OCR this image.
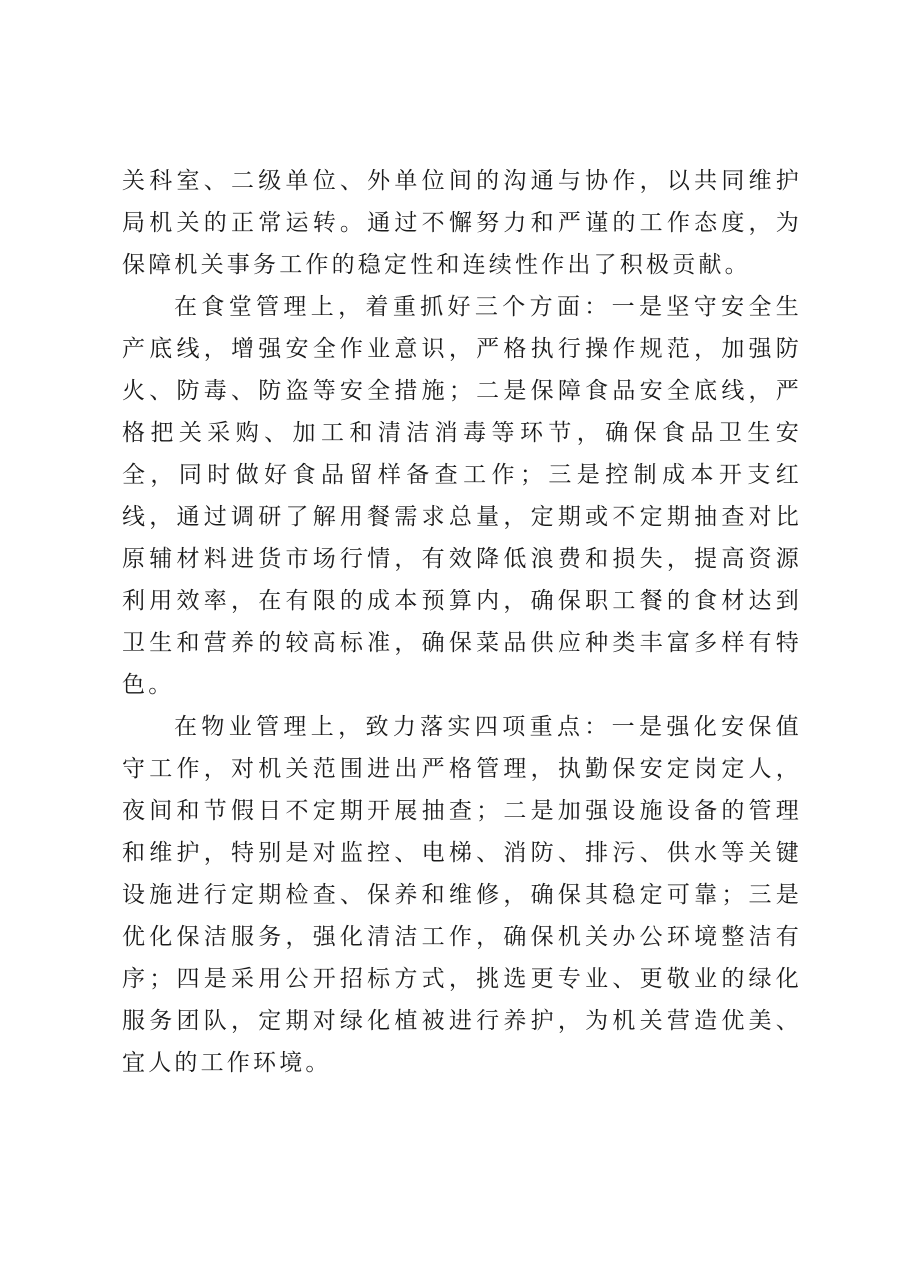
关科室、二级单位、外单位间的沟通与协作，以共同维护局机关的正常运转。通过不懈努力和严谨的工作态度，为保障机关事务工作的稳定性和连续性作出了积极贡献。

在食堂管理上，着重抓好三个方面：一是坚守安全生产底线，增强安全作业意识，严格执行操作规范，加强防火、防毒、防盗等安全措施；二是保障食品安全底线，严格把关采购、加工和清洁消毒等环节，确保食品卫生安全，同时做好食品留样备查工作；三是控制成本开支红线，通过调研了解用餐需求总量，定期或不定期抽查对比原辅材料进货市场行情，有效降低浪费和损失，提高资源利用效率，在有限的成本预算内，确保职工餐的食材达到卫生和营养的较高标准，确保菜品供应种类丰富多样有特色。

在物业管理上，致力落实四项重点：一是强化安保值守工作，对机关范围进出严格管理，执勤保安定岗定人，夜间和节假日不定期开展抽查；二是加强设施设备的管理和维护，特别是对监控、电梯、消防、排污、供水等关键设施进行定期检查、保养和维修，确保其稳定可靠；三是优化保洁服务，强化清洁工作，确保机关办公环境整洁有序；四是采用公开招标方式，挑选更专业、更敬业的绿化服务团队，定期对绿化植被进行养护，为机关营造优美、宜人的工作环境。
